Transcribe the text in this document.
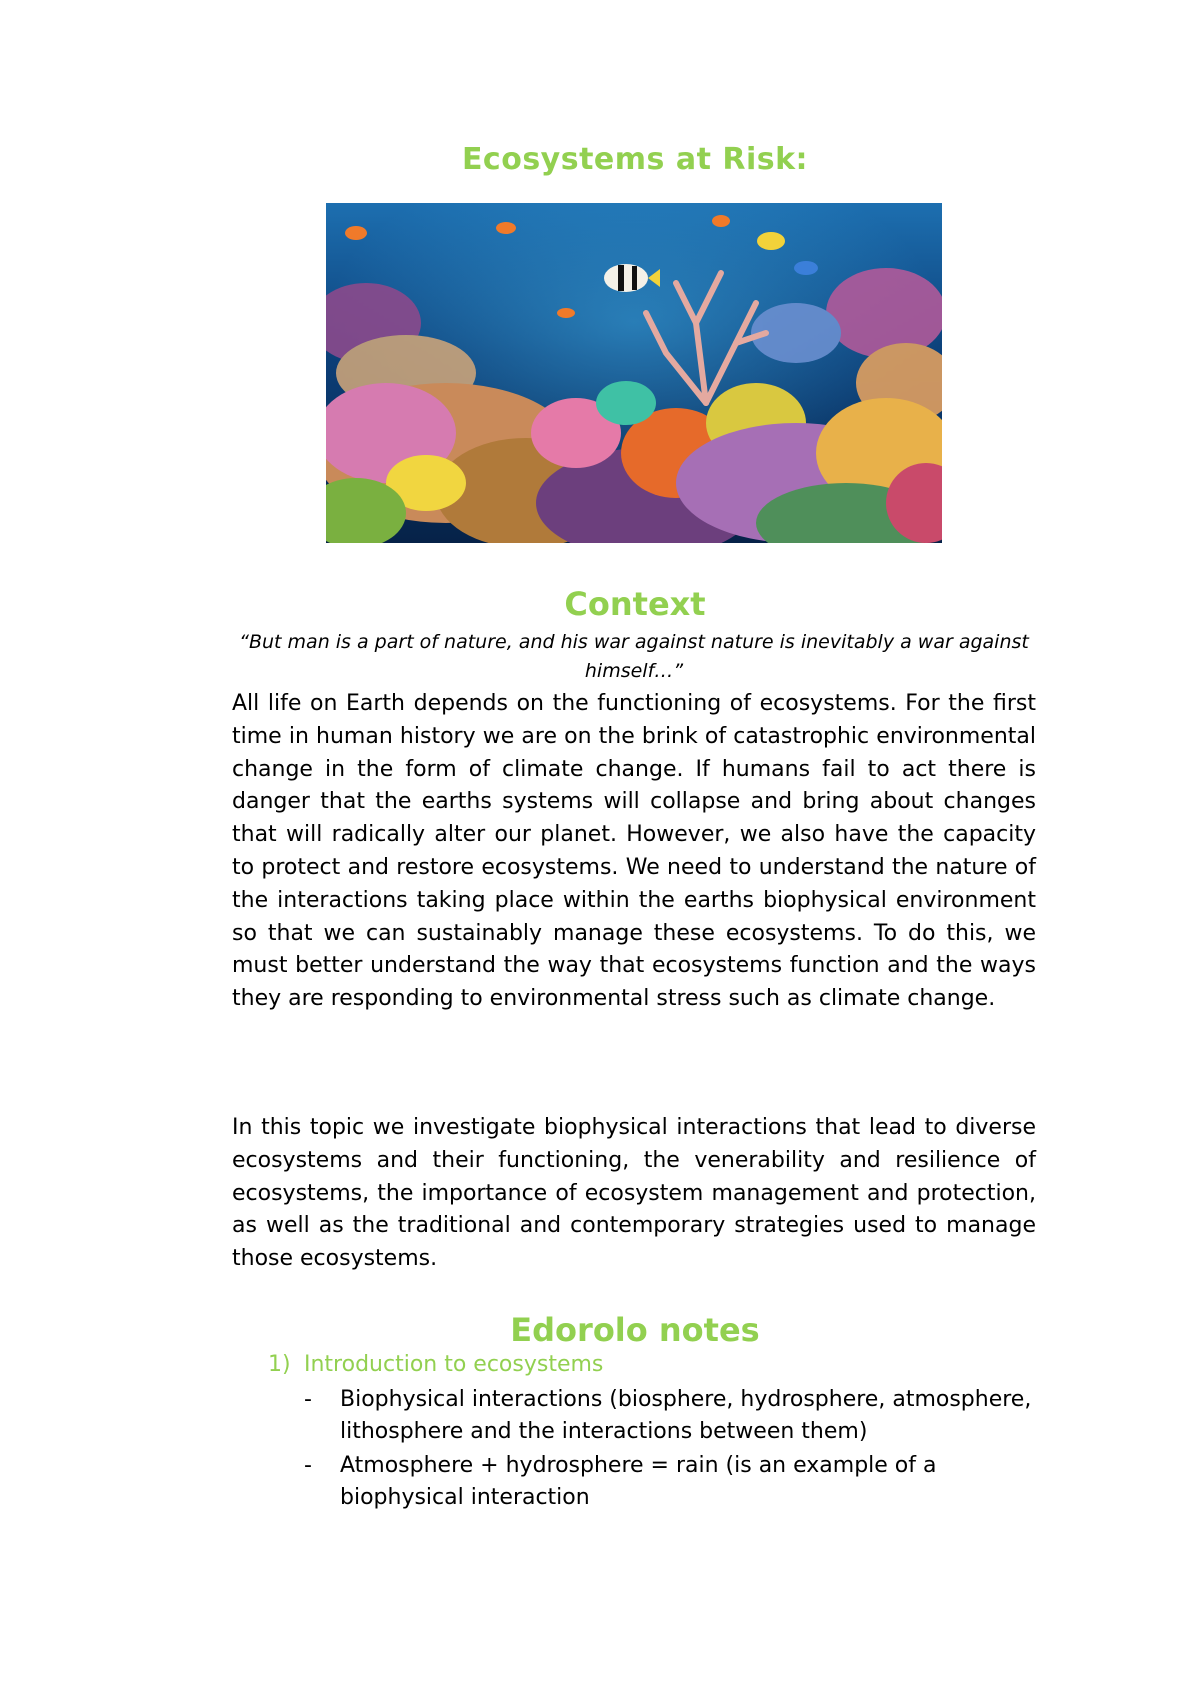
Ecosystems at Risk:
Context
“But man is a part of nature, and his war against nature is inevitably a war against himself…”
All life on Earth depends on the functioning of ecosystems. For the first time in human history we are on the brink of catastrophic environmental change in the form of climate change. If humans fail to act there is danger that the earths systems will collapse and bring about changes that will radically alter our planet. However, we also have the capacity to protect and restore ecosystems. We need to understand the nature of the interactions taking place within the earths biophysical environment so that we can sustainably manage these ecosystems. To do this, we must better understand the way that ecosystems function and the ways they are responding to environmental stress such as climate change.
In this topic we investigate biophysical interactions that lead to diverse ecosystems and their functioning, the venerability and resilience of ecosystems, the importance of ecosystem management and protection, as well as the traditional and contemporary strategies used to manage those ecosystems.
Edorolo notes
1) Introduction to ecosystems
- Biophysical interactions (biosphere, hydrosphere, atmosphere, lithosphere and the interactions between them)
- Atmosphere + hydrosphere = rain (is an example of a biophysical interaction
